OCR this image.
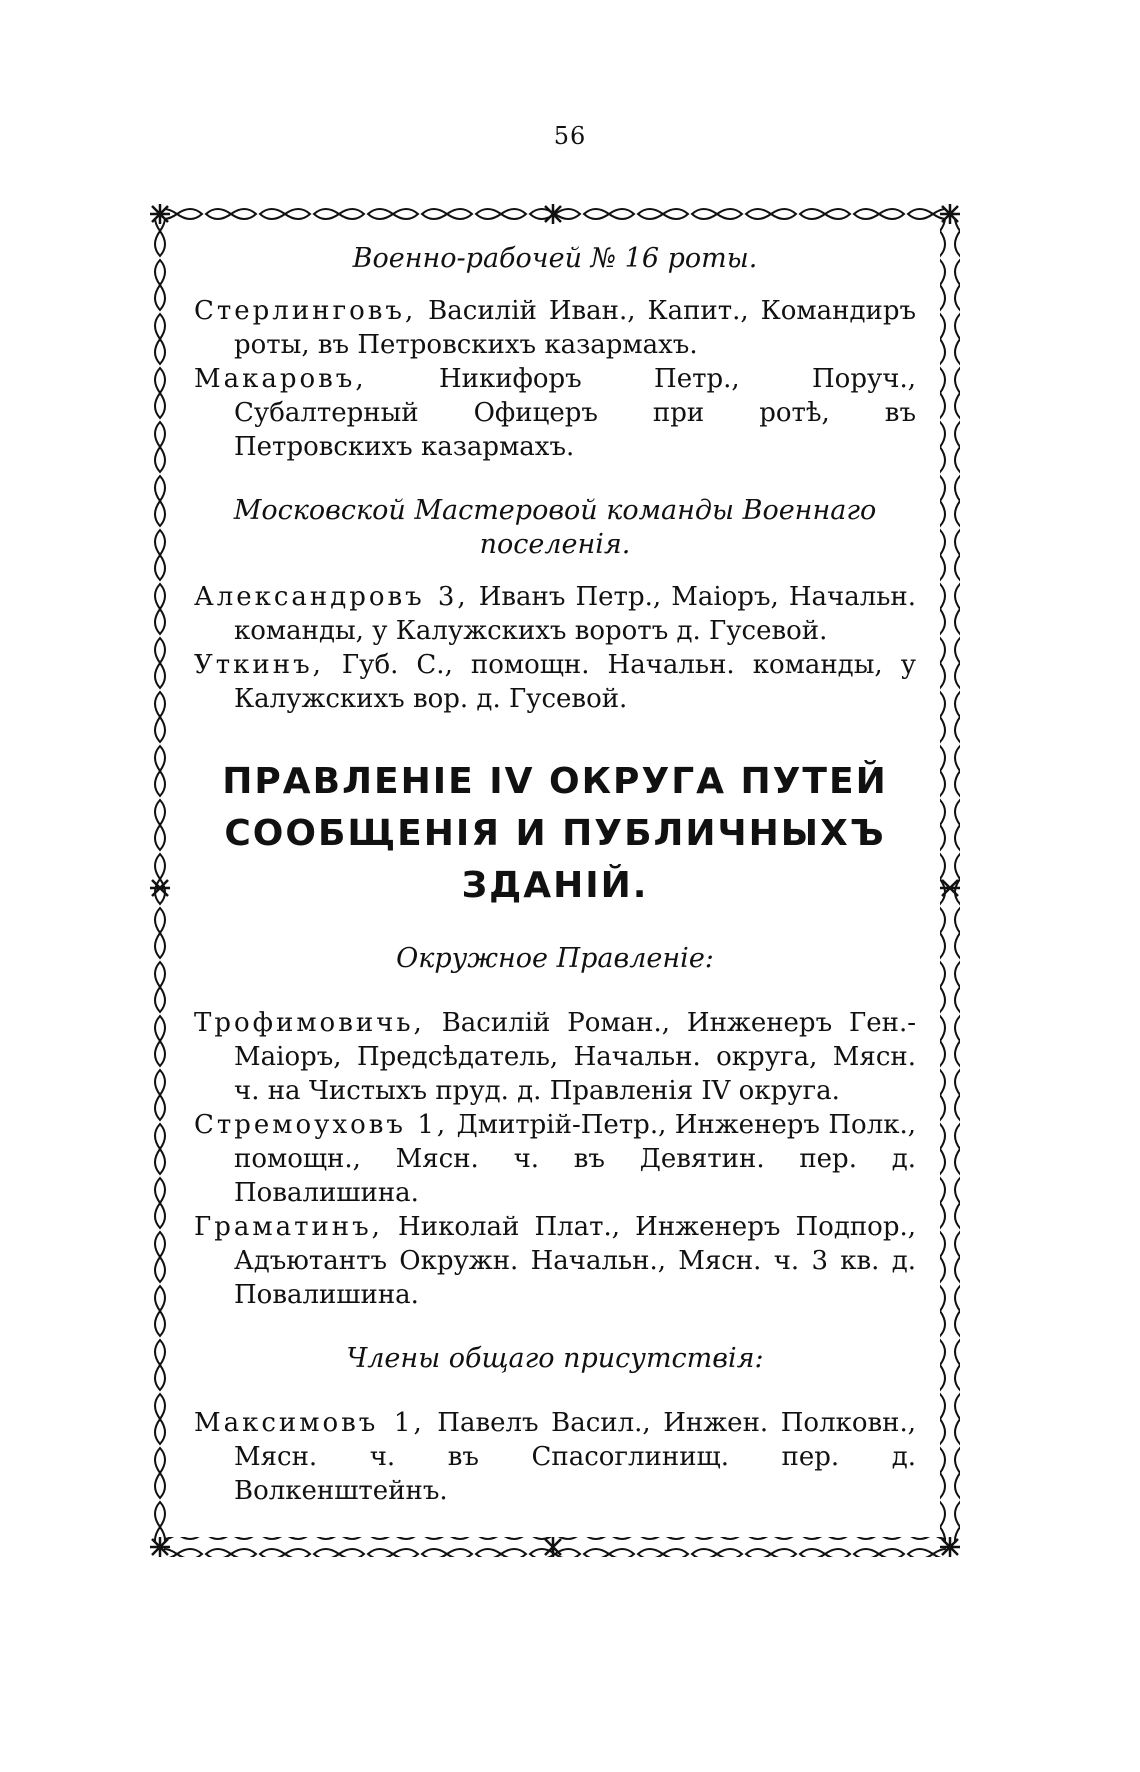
56

Военно-рабочей № 16 роты.

Стерлинговъ, Василій Иван., Капит., Командиръ роты, въ Петровскихъ казармахъ.

Макаровъ, Никифоръ Петр., Поруч., Субалтерный Офицеръ при ротѣ, въ Петровскихъ казармахъ.

Московской Мастеровой команды Военнаго поселенія.

Александровъ 3, Иванъ Петр., Маіоръ, Начальн. команды, у Калужскихъ воротъ д. Гусевой.

Уткинъ, Губ. С., помощн. Начальн. команды, у Калужскихъ вор. д. Гусевой.

ПРАВЛЕНІЕ IV ОКРУГА ПУТЕЙ СООБЩЕНІЯ И ПУБЛИЧНЫХЪ ЗДАНІЙ.

Окружное Правленіе:

Трофимовичь, Василій Роман., Инженеръ Ген.-Маіоръ, Предсѣдатель, Начальн. округа, Мясн. ч. на Чистыхъ пруд. д. Правленія IV округа.

Стремоуховъ 1, Дмитрій-Петр., Инженеръ Полк., помощн., Мясн. ч. въ Девятин. пер. д. Повалишина.

Граматинъ, Николай Плат., Инженеръ Подпор., Адъютантъ Окружн. Начальн., Мясн. ч. 3 кв. д. Повалишина.

Члены общаго присутствія:

Максимовъ 1, Павелъ Васил., Инжен. Полковн., Мясн. ч. въ Спасоглинищ. пер. д. Волкенштейнъ.
